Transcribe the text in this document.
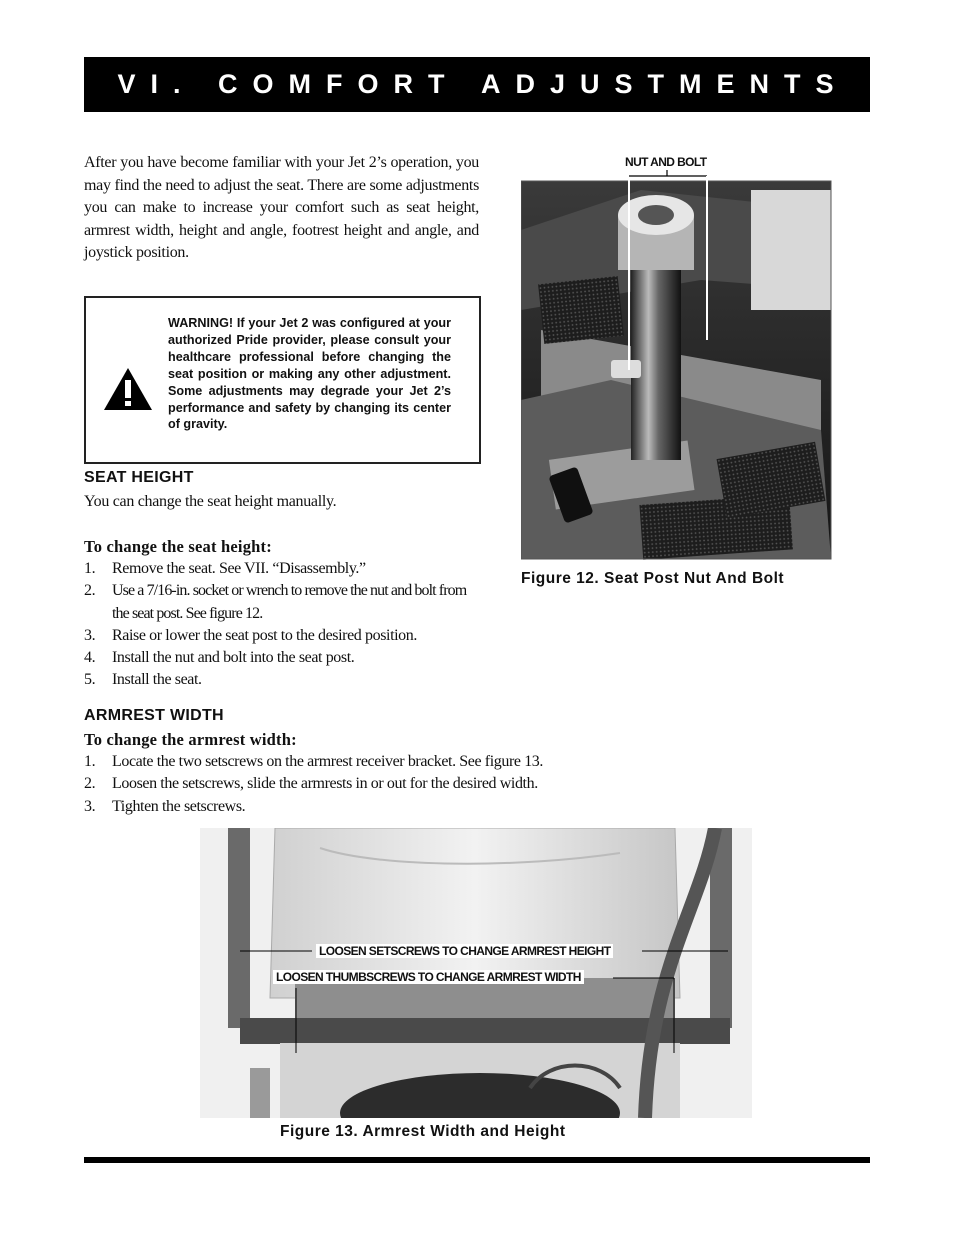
VI. COMFORT ADJUSTMENTS
After you have become familiar with your Jet 2’s operation, you may find the need to adjust the seat. There are some adjustments you can make to increase your comfort such as seat height, armrest width, height and angle, footrest height and angle, and joystick position.
WARNING! If your Jet 2 was configured at your authorized Pride provider, please consult your healthcare professional before changing the seat position or making any other adjustment. Some adjustments may degrade your Jet 2’s performance and safety by changing its center of gravity.
SEAT HEIGHT
You can change the seat height manually.
To change the seat height:
1. Remove the seat. See VII. “Disassembly.”
2. Use a 7/16-in. socket or wrench to remove the nut and bolt from the seat post. See figure 12.
3. Raise or lower the seat post to the desired position.
4. Install the nut and bolt into the seat post.
5. Install the seat.
NUT AND BOLT
Figure 12. Seat Post Nut And Bolt
ARMREST WIDTH
To change the armrest width:
1. Locate the two setscrews on the armrest receiver bracket. See figure 13.
2. Loosen the setscrews, slide the armrests in or out for the desired width.
3. Tighten the setscrews.
LOOSEN SETSCREWS TO CHANGE ARMREST HEIGHT
LOOSEN THUMBSCREWS TO CHANGE ARMREST WIDTH
Figure 13. Armrest Width and Height
